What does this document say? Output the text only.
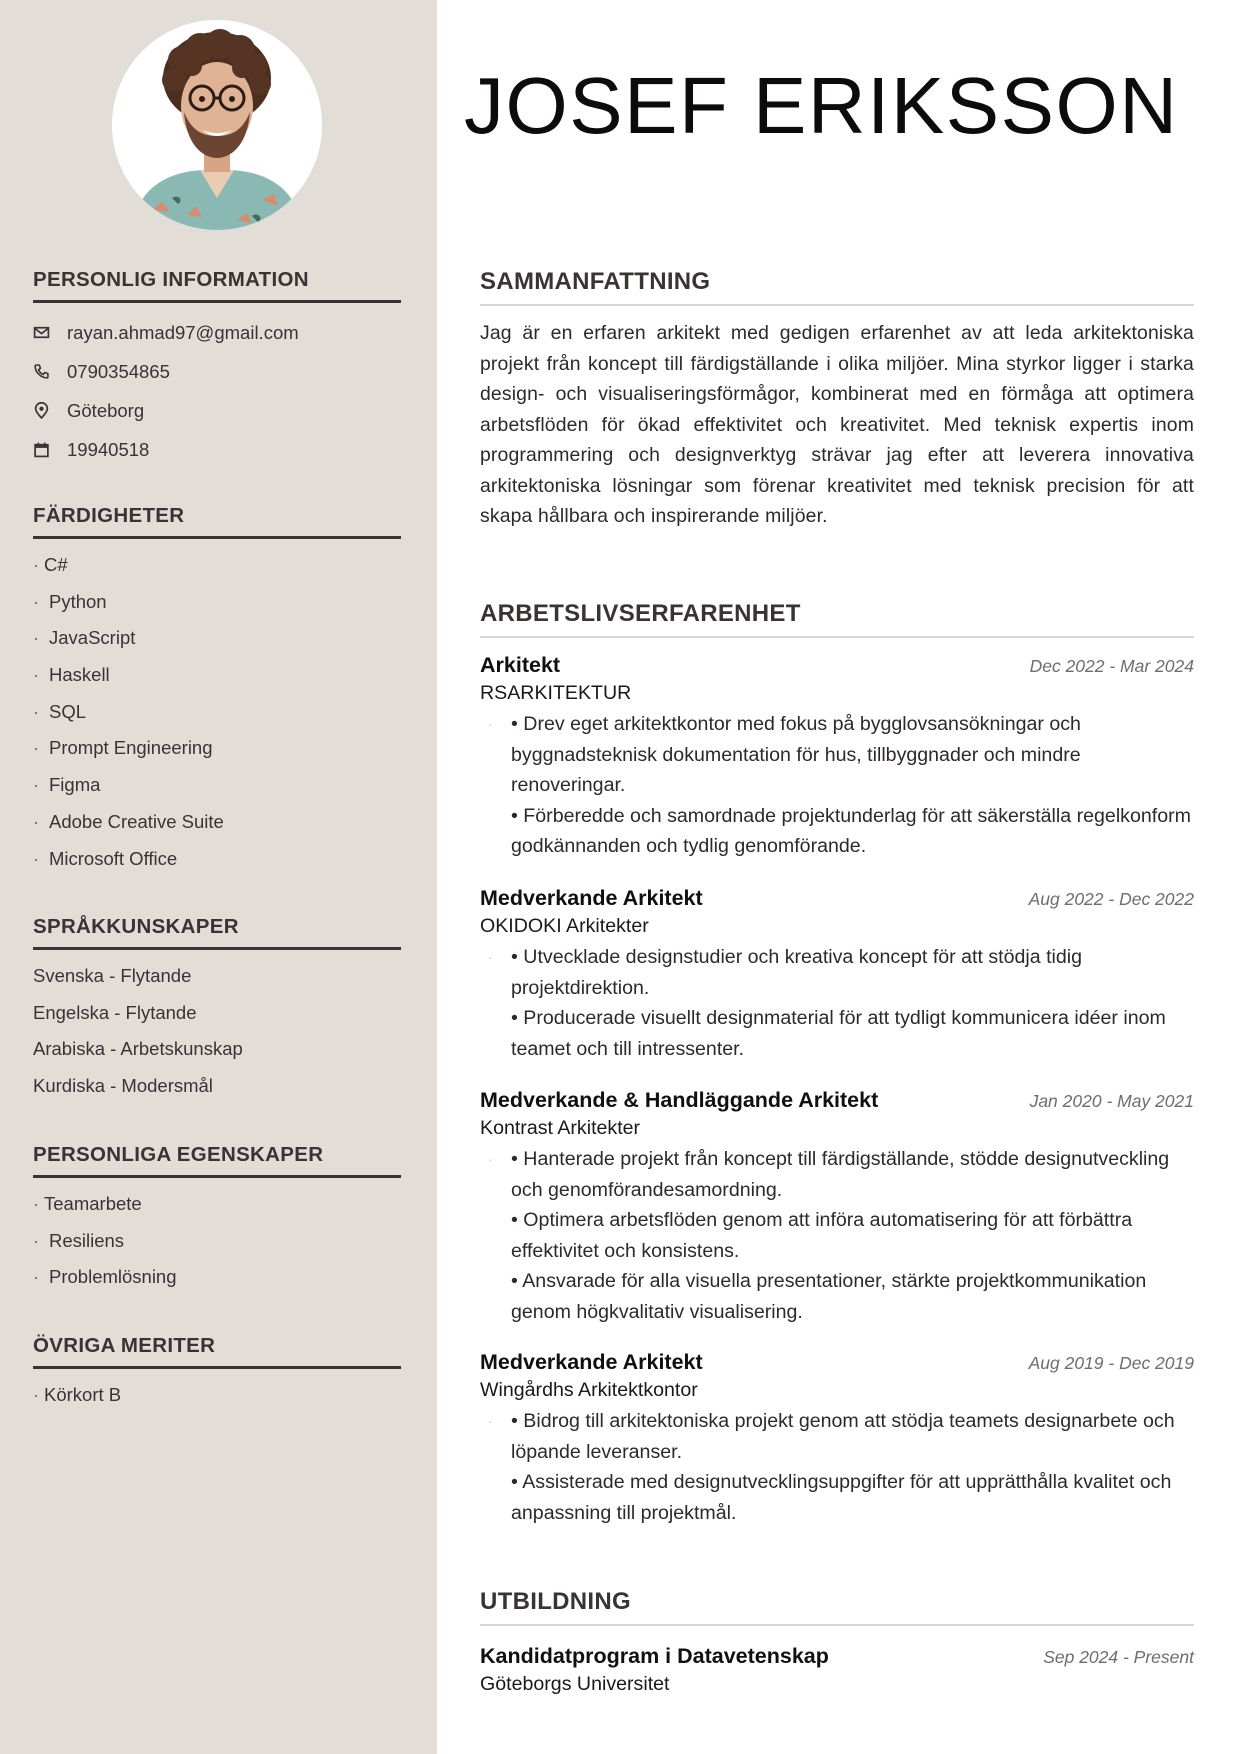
PERSONLIG INFORMATION
rayan.ahmad97@gmail.com
0790354865
Göteborg
19940518
FÄRDIGHETER
· C#
· Python
· JavaScript
· Haskell
· SQL
· Prompt Engineering
· Figma
· Adobe Creative Suite
· Microsoft Office
SPRÅKKUNSKAPER
Svenska - Flytande
Engelska - Flytande
Arabiska - Arbetskunskap
Kurdiska - Modersmål
PERSONLIGA EGENSKAPER
· Teamarbete
· Resiliens
· Problemlösning
ÖVRIGA MERITER
· Körkort B
JOSEF ERIKSSON
SAMMANFATTNING
Jag är en erfaren arkitekt med gedigen erfarenhet av att leda arkitektoniska projekt från koncept till färdigställande i olika miljöer. Mina styrkor ligger i starka design- och visualiseringsförmågor, kombinerat med en förmåga att optimera arbetsflöden för ökad effektivitet och kreativitet. Med teknisk expertis inom programmering och designverktyg strävar jag efter att leverera innovativa arkitektoniska lösningar som förenar kreativitet med teknisk precision för att skapa hållbara och inspirerande miljöer.
ARBETSLIVSERFARENHET
Arkitekt	Dec 2022 - Mar 2024
RSARKITEKTUR
· • Drev eget arkitektkontor med fokus på bygglovsansökningar och byggnadsteknisk dokumentation för hus, tillbyggnader och mindre renoveringar.
• Förberedde och samordnade projektunderlag för att säkerställa regelkonform godkännanden och tydlig genomförande.
Medverkande Arkitekt	Aug 2022 - Dec 2022
OKIDOKI Arkitekter
· • Utvecklade designstudier och kreativa koncept för att stödja tidig projektdirektion.
• Producerade visuellt designmaterial för att tydligt kommunicera idéer inom teamet och till intressenter.
Medverkande & Handläggande Arkitekt	Jan 2020 - May 2021
Kontrast Arkitekter
· • Hanterade projekt från koncept till färdigställande, stödde designutveckling och genomförandesamordning.
• Optimera arbetsflöden genom att införa automatisering för att förbättra effektivitet och konsistens.
• Ansvarade för alla visuella presentationer, stärkte projektkommunikation genom högkvalitativ visualisering.
Medverkande Arkitekt	Aug 2019 - Dec 2019
Wingårdhs Arkitektkontor
· • Bidrog till arkitektoniska projekt genom att stödja teamets designarbete och löpande leveranser.
• Assisterade med designutvecklingsuppgifter för att upprätthålla kvalitet och anpassning till projektmål.
UTBILDNING
Kandidatprogram i Datavetenskap	Sep 2024 - Present
Göteborgs Universitet
